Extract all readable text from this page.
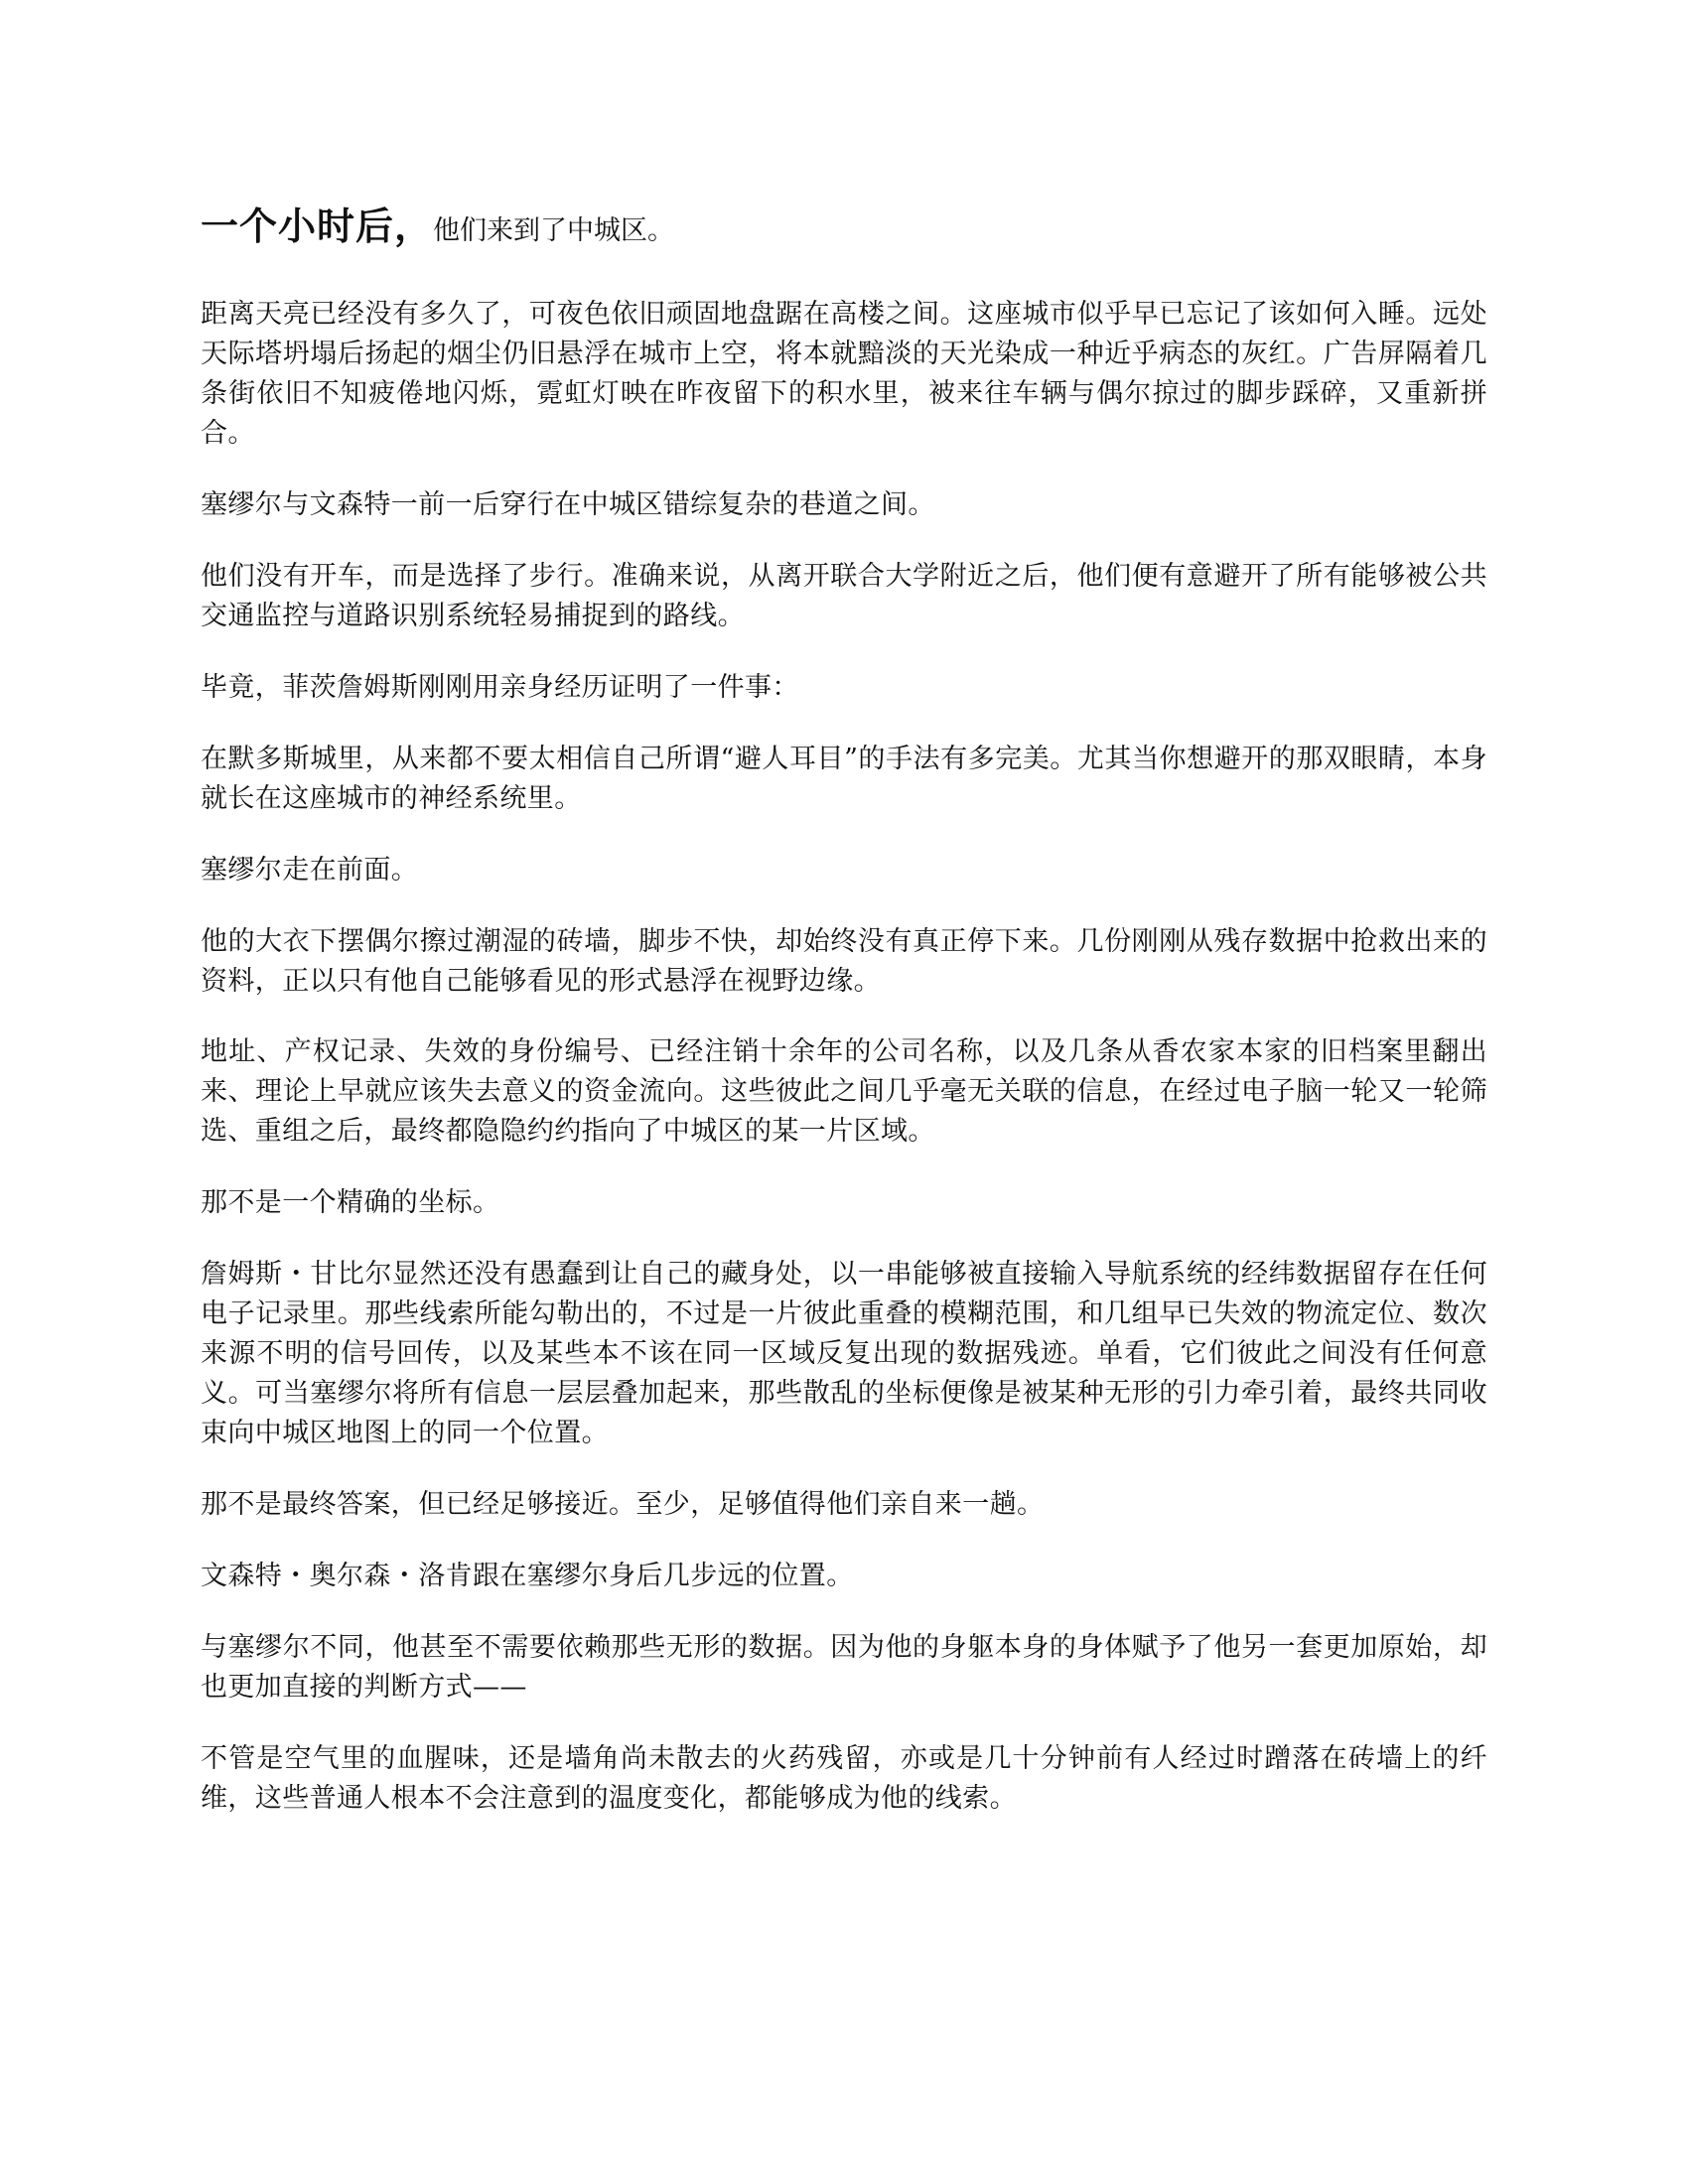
一个小时后，他们来到了中城区。

距离天亮已经没有多久了，可夜色依旧顽固地盘踞在高楼之间。这座城市似乎早已忘记了该如何入睡。远处天际塔坍塌后扬起的烟尘仍旧悬浮在城市上空，将本就黯淡的天光染成一种近乎病态的灰红。广告屏隔着几条街依旧不知疲倦地闪烁，霓虹灯映在昨夜留下的积水里，被来往车辆与偶尔掠过的脚步踩碎，又重新拼合。

塞缪尔与文森特一前一后穿行在中城区错综复杂的巷道之间。

他们没有开车，而是选择了步行。准确来说，从离开联合大学附近之后，他们便有意避开了所有能够被公共交通监控与道路识别系统轻易捕捉到的路线。

毕竟，菲茨詹姆斯刚刚用亲身经历证明了一件事：

在默多斯城里，从来都不要太相信自己所谓“避人耳目”的手法有多完美。尤其当你想避开的那双眼睛，本身就长在这座城市的神经系统里。

塞缪尔走在前面。

他的大衣下摆偶尔擦过潮湿的砖墙，脚步不快，却始终没有真正停下来。几份刚刚从残存数据中抢救出来的资料，正以只有他自己能够看见的形式悬浮在视野边缘。

地址、产权记录、失效的身份编号、已经注销十余年的公司名称，以及几条从香农家本家的旧档案里翻出来、理论上早就应该失去意义的资金流向。这些彼此之间几乎毫无关联的信息，在经过电子脑一轮又一轮筛选、重组之后，最终都隐隐约约指向了中城区的某一片区域。

那不是一个精确的坐标。

詹姆斯・甘比尔显然还没有愚蠢到让自己的藏身处，以一串能够被直接输入导航系统的经纬数据留存在任何电子记录里。那些线索所能勾勒出的，不过是一片彼此重叠的模糊范围，和几组早已失效的物流定位、数次来源不明的信号回传，以及某些本不该在同一区域反复出现的数据残迹。单看，它们彼此之间没有任何意义。可当塞缪尔将所有信息一层层叠加起来，那些散乱的坐标便像是被某种无形的引力牵引着，最终共同收束向中城区地图上的同一个位置。

那不是最终答案，但已经足够接近。至少，足够值得他们亲自来一趟。

文森特・奥尔森・洛肯跟在塞缪尔身后几步远的位置。

与塞缪尔不同，他甚至不需要依赖那些无形的数据。因为他的身躯本身的身体赋予了他另一套更加原始，却也更加直接的判断方式——

不管是空气里的血腥味，还是墙角尚未散去的火药残留，亦或是几十分钟前有人经过时蹭落在砖墙上的纤维，这些普通人根本不会注意到的温度变化，都能够成为他的线索。
